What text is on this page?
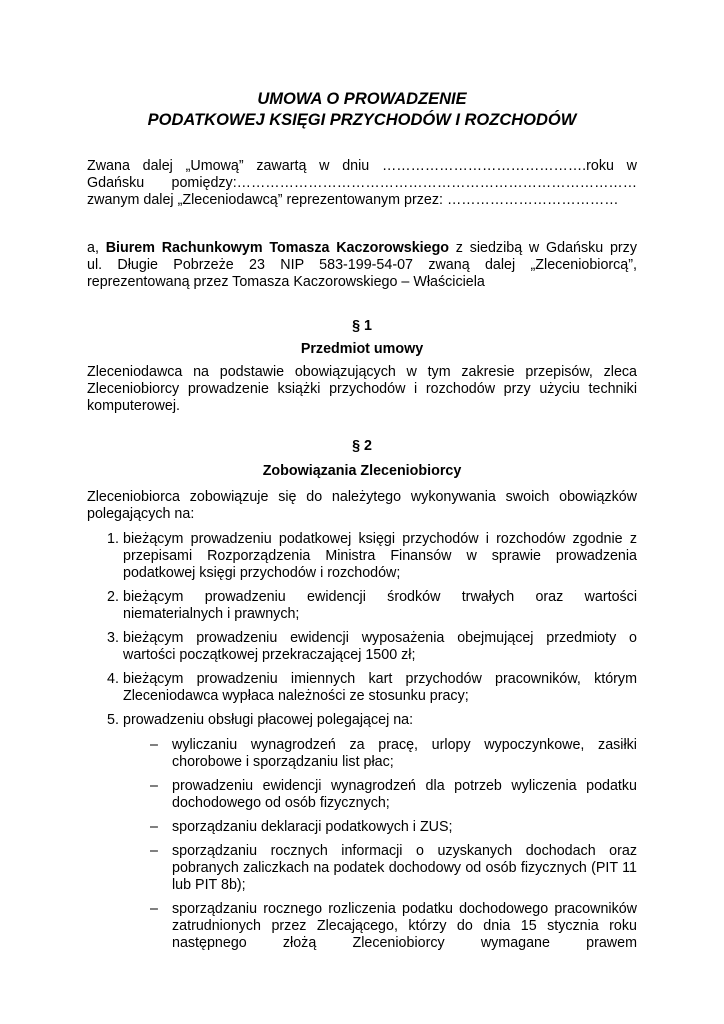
UMOWA O PROWADZENIE
PODATKOWEJ KSIĘGI PRZYCHODÓW I ROZCHODÓW
Zwana dalej „Umową” zawartą w dniu …………………………………….roku w
Gdańsku pomiędzy:…………………………………………………………………………
zwanym dalej „Zleceniodawcą” reprezentowanym przez: ………………………………
a, Biurem Rachunkowym Tomasza Kaczorowskiego z siedzibą w Gdańsku przy
ul. Długie Pobrzeże 23 NIP 583-199-54-07 zwaną dalej „Zleceniobiorcą”,
reprezentowaną przez Tomasza Kaczorowskiego – Właściciela
§ 1
Przedmiot umowy
Zleceniodawca na podstawie obowiązujących w tym zakresie przepisów, zleca
Zleceniobiorcy prowadzenie książki przychodów i rozchodów przy użyciu techniki
komputerowej.
§ 2
Zobowiązania Zleceniobiorcy
Zleceniobiorca zobowiązuje się do należytego wykonywania swoich obowiązków
polegających na:
1. bieżącym prowadzeniu podatkowej księgi przychodów i rozchodów zgodnie z przepisami Rozporządzenia Ministra Finansów w sprawie prowadzenia podatkowej księgi przychodów i rozchodów;
2. bieżącym prowadzeniu ewidencji środków trwałych oraz wartości niematerialnych i prawnych;
3. bieżącym prowadzeniu ewidencji wyposażenia obejmującej przedmioty o wartości początkowej przekraczającej 1500 zł;
4. bieżącym prowadzeniu imiennych kart przychodów pracowników, którym Zleceniodawca wypłaca należności ze stosunku pracy;
5. prowadzeniu obsługi płacowej polegającej na:
– wyliczaniu wynagrodzeń za pracę, urlopy wypoczynkowe, zasiłki chorobowe i sporządzaniu list płac;
– prowadzeniu ewidencji wynagrodzeń dla potrzeb wyliczenia podatku dochodowego od osób fizycznych;
– sporządzaniu deklaracji podatkowych i ZUS;
– sporządzaniu rocznych informacji o uzyskanych dochodach oraz pobranych zaliczkach na podatek dochodowy od osób fizycznych (PIT 11 lub PIT 8b);
– sporządzaniu rocznego rozliczenia podatku dochodowego pracowników zatrudnionych przez Zlecającego, którzy do dnia 15 stycznia roku następnego złożą Zleceniobiorcy wymagane prawem
